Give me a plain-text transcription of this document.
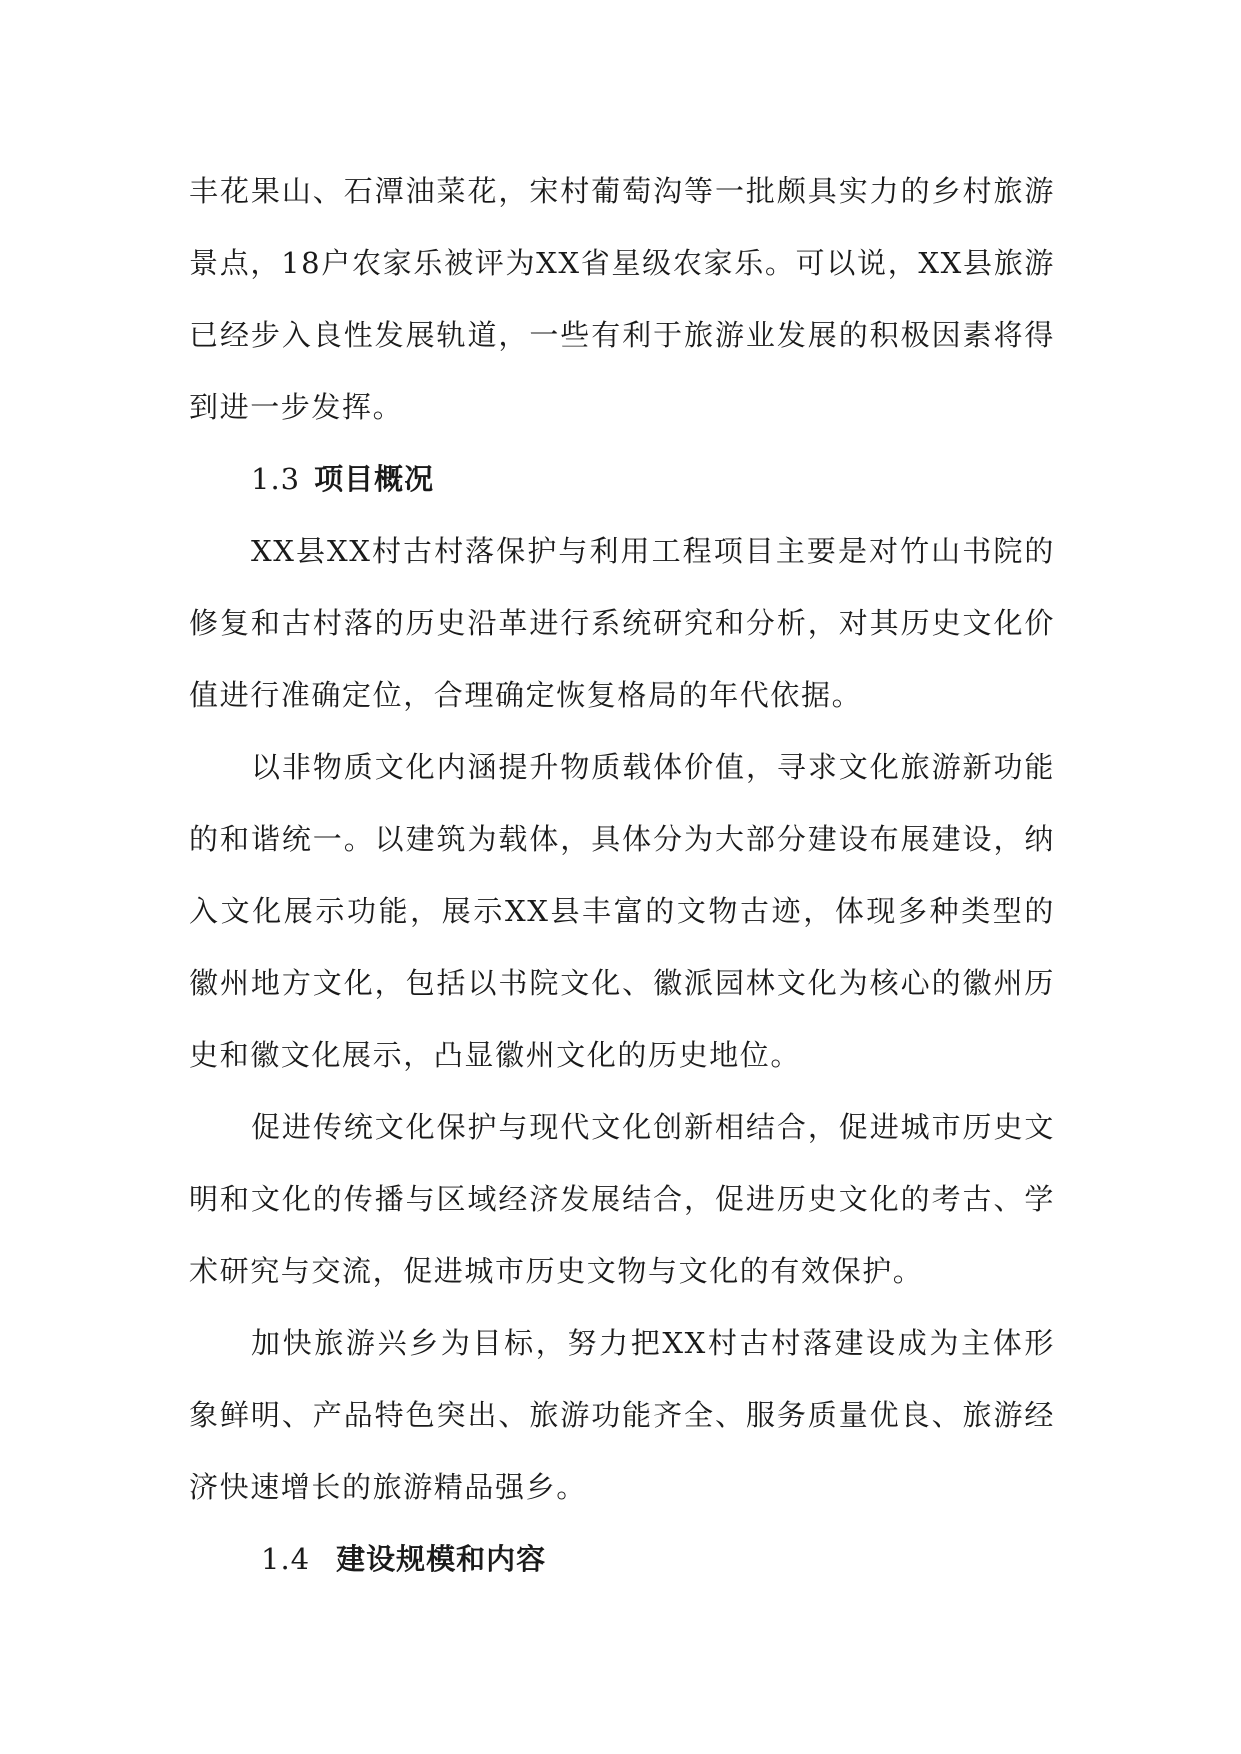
丰花果山、石潭油菜花，宋村葡萄沟等一批颇具实力的乡村旅游景点，18户农家乐被评为XX省星级农家乐。可以说，XX县旅游已经步入良性发展轨道，一些有利于旅游业发展的积极因素将得到进一步发挥。

1.3 项目概况

XX县XX村古村落保护与利用工程项目主要是对竹山书院的修复和古村落的历史沿革进行系统研究和分析，对其历史文化价值进行准确定位，合理确定恢复格局的年代依据。

以非物质文化内涵提升物质载体价值，寻求文化旅游新功能的和谐统一。以建筑为载体，具体分为大部分建设布展建设，纳入文化展示功能，展示XX县丰富的文物古迹，体现多种类型的徽州地方文化，包括以书院文化、徽派园林文化为核心的徽州历史和徽文化展示，凸显徽州文化的历史地位。

促进传统文化保护与现代文化创新相结合，促进城市历史文明和文化的传播与区域经济发展结合，促进历史文化的考古、学术研究与交流，促进城市历史文物与文化的有效保护。

加快旅游兴乡为目标，努力把XX村古村落建设成为主体形象鲜明、产品特色突出、旅游功能齐全、服务质量优良、旅游经济快速增长的旅游精品强乡。

1.4 建设规模和内容
